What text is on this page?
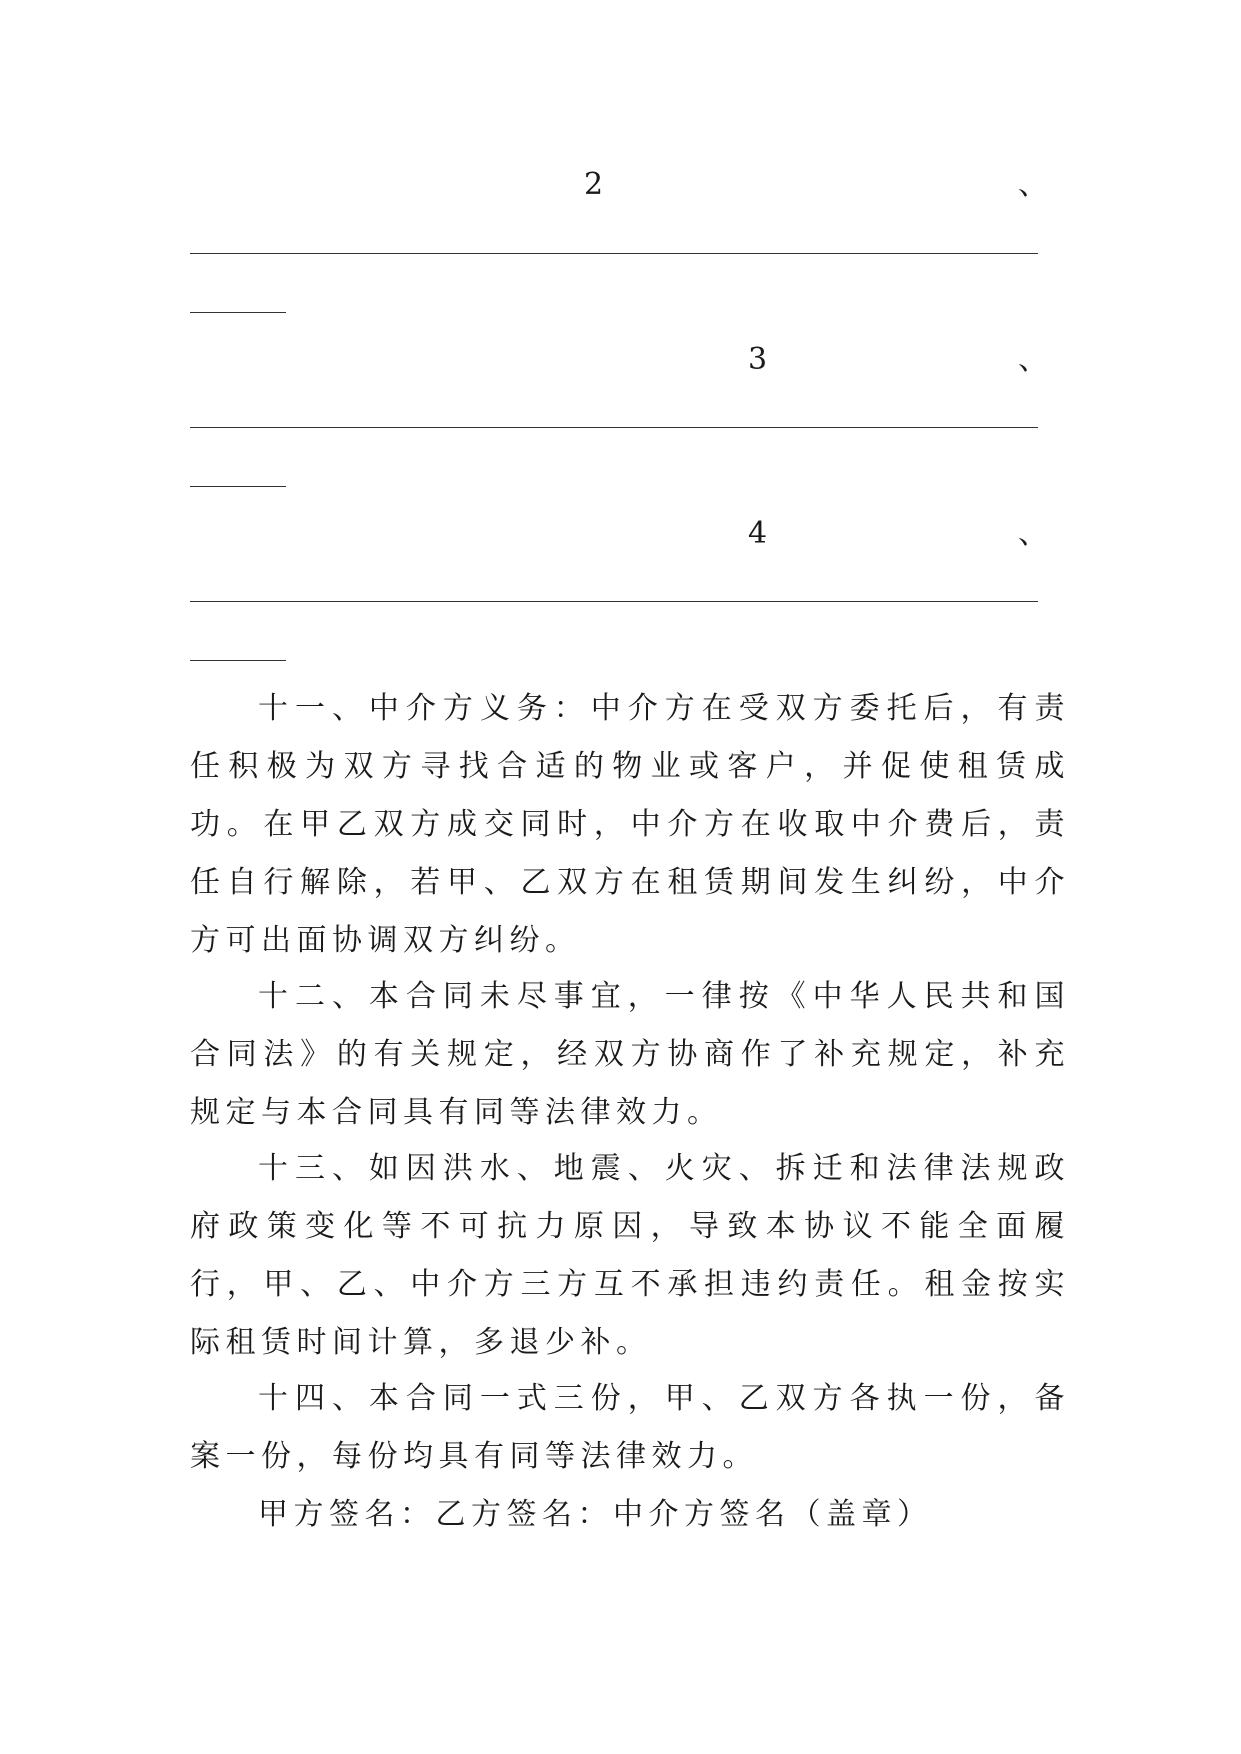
2	、
3	、
4	、

十一、中介方义务：中介方在受双方委托后，有责任积极为双方寻找合适的物业或客户，并促使租赁成功。在甲乙双方成交同时，中介方在收取中介费后，责任自行解除，若甲、乙双方在租赁期间发生纠纷，中介方可出面协调双方纠纷。

十二、本合同未尽事宜，一律按《中华人民共和国合同法》的有关规定，经双方协商作了补充规定，补充规定与本合同具有同等法律效力。

十三、如因洪水、地震、火灾、拆迁和法律法规政府政策变化等不可抗力原因，导致本协议不能全面履行，甲、乙、中介方三方互不承担违约责任。租金按实际租赁时间计算，多退少补。

十四、本合同一式三份，甲、乙双方各执一份，备案一份，每份均具有同等法律效力。

甲方签名：乙方签名：中介方签名（盖章）
